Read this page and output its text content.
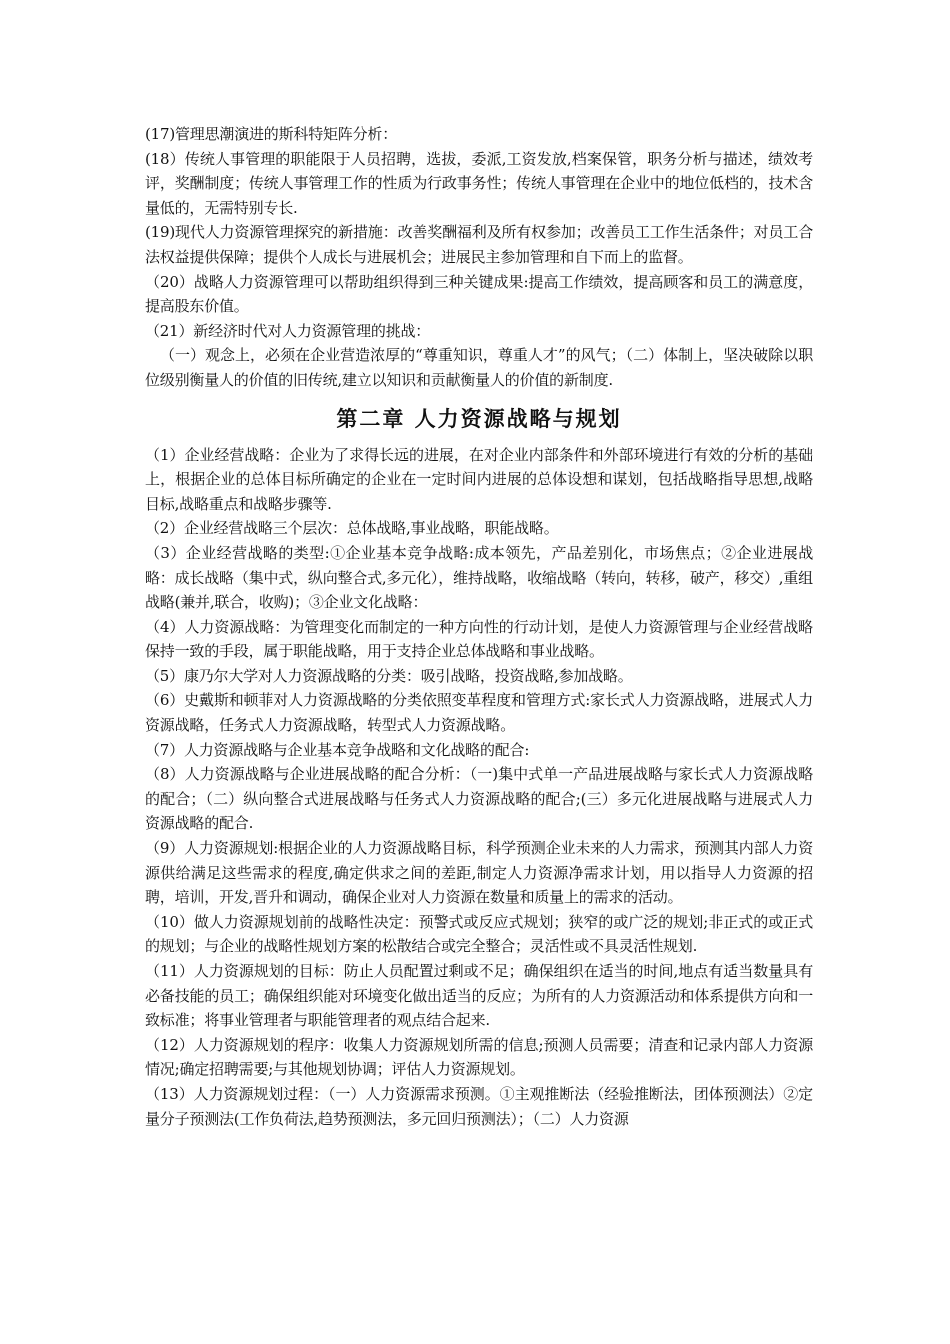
(17)管理思潮演进的斯科特矩阵分析：

(18）传统人事管理的职能限于人员招聘，选拔，委派,工资发放,档案保管，职务分析与描述，绩效考评，奖酬制度；传统人事管理工作的性质为行政事务性；传统人事管理在企业中的地位低档的，技术含量低的，无需特别专长.

(19)现代人力资源管理探究的新措施：改善奖酬福利及所有权参加；改善员工工作生活条件；对员工合法权益提供保障；提供个人成长与进展机会；进展民主参加管理和自下而上的监督。

（20）战略人力资源管理可以帮助组织得到三种关键成果:提高工作绩效，提高顾客和员工的满意度，提高股东价值。

（21）新经济时代对人力资源管理的挑战：

（一）观念上，必须在企业营造浓厚的“尊重知识，尊重人才”的风气；（二）体制上，坚决破除以职位级别衡量人的价值的旧传统,建立以知识和贡献衡量人的价值的新制度.

第二章 人力资源战略与规划

（1）企业经营战略：企业为了求得长远的进展，在对企业内部条件和外部环境进行有效的分析的基础上，根据企业的总体目标所确定的企业在一定时间内进展的总体设想和谋划，包括战略指导思想,战略目标,战略重点和战略步骤等.

（2）企业经营战略三个层次：总体战略,事业战略，职能战略。

（3）企业经营战略的类型:①企业基本竞争战略:成本领先，产品差别化，市场焦点；②企业进展战略：成长战略（集中式，纵向整合式,多元化），维持战略，收缩战略（转向，转移，破产，移交）,重组战略(兼并,联合，收购)；③企业文化战略：

（4）人力资源战略：为管理变化而制定的一种方向性的行动计划，是使人力资源管理与企业经营战略保持一致的手段，属于职能战略，用于支持企业总体战略和事业战略。

（5）康乃尔大学对人力资源战略的分类：吸引战略，投资战略,参加战略。

（6）史戴斯和顿菲对人力资源战略的分类依照变革程度和管理方式:家长式人力资源战略，进展式人力资源战略，任务式人力资源战略，转型式人力资源战略。

（7）人力资源战略与企业基本竞争战略和文化战略的配合:

（8）人力资源战略与企业进展战略的配合分析：（一)集中式单一产品进展战略与家长式人力资源战略的配合；（二）纵向整合式进展战略与任务式人力资源战略的配合;(三）多元化进展战略与进展式人力资源战略的配合.

（9）人力资源规划:根据企业的人力资源战略目标，科学预测企业未来的人力需求，预测其内部人力资源供给满足这些需求的程度,确定供求之间的差距,制定人力资源净需求计划，用以指导人力资源的招聘，培训，开发,晋升和调动，确保企业对人力资源在数量和质量上的需求的活动。

（10）做人力资源规划前的战略性决定：预警式或反应式规划；狭窄的或广泛的规划;非正式的或正式的规划；与企业的战略性规划方案的松散结合或完全整合；灵活性或不具灵活性规划.

（11）人力资源规划的目标：防止人员配置过剩或不足；确保组织在适当的时间,地点有适当数量具有必备技能的员工；确保组织能对环境变化做出适当的反应；为所有的人力资源活动和体系提供方向和一致标准；将事业管理者与职能管理者的观点结合起来.

（12）人力资源规划的程序：收集人力资源规划所需的信息;预测人员需要；清查和记录内部人力资源情况;确定招聘需要;与其他规划协调；评估人力资源规划。

（13）人力资源规划过程：（一）人力资源需求预测。①主观推断法（经验推断法，团体预测法）②定量分子预测法(工作负荷法,趋势预测法，多元回归预测法）；（二）人力资源
